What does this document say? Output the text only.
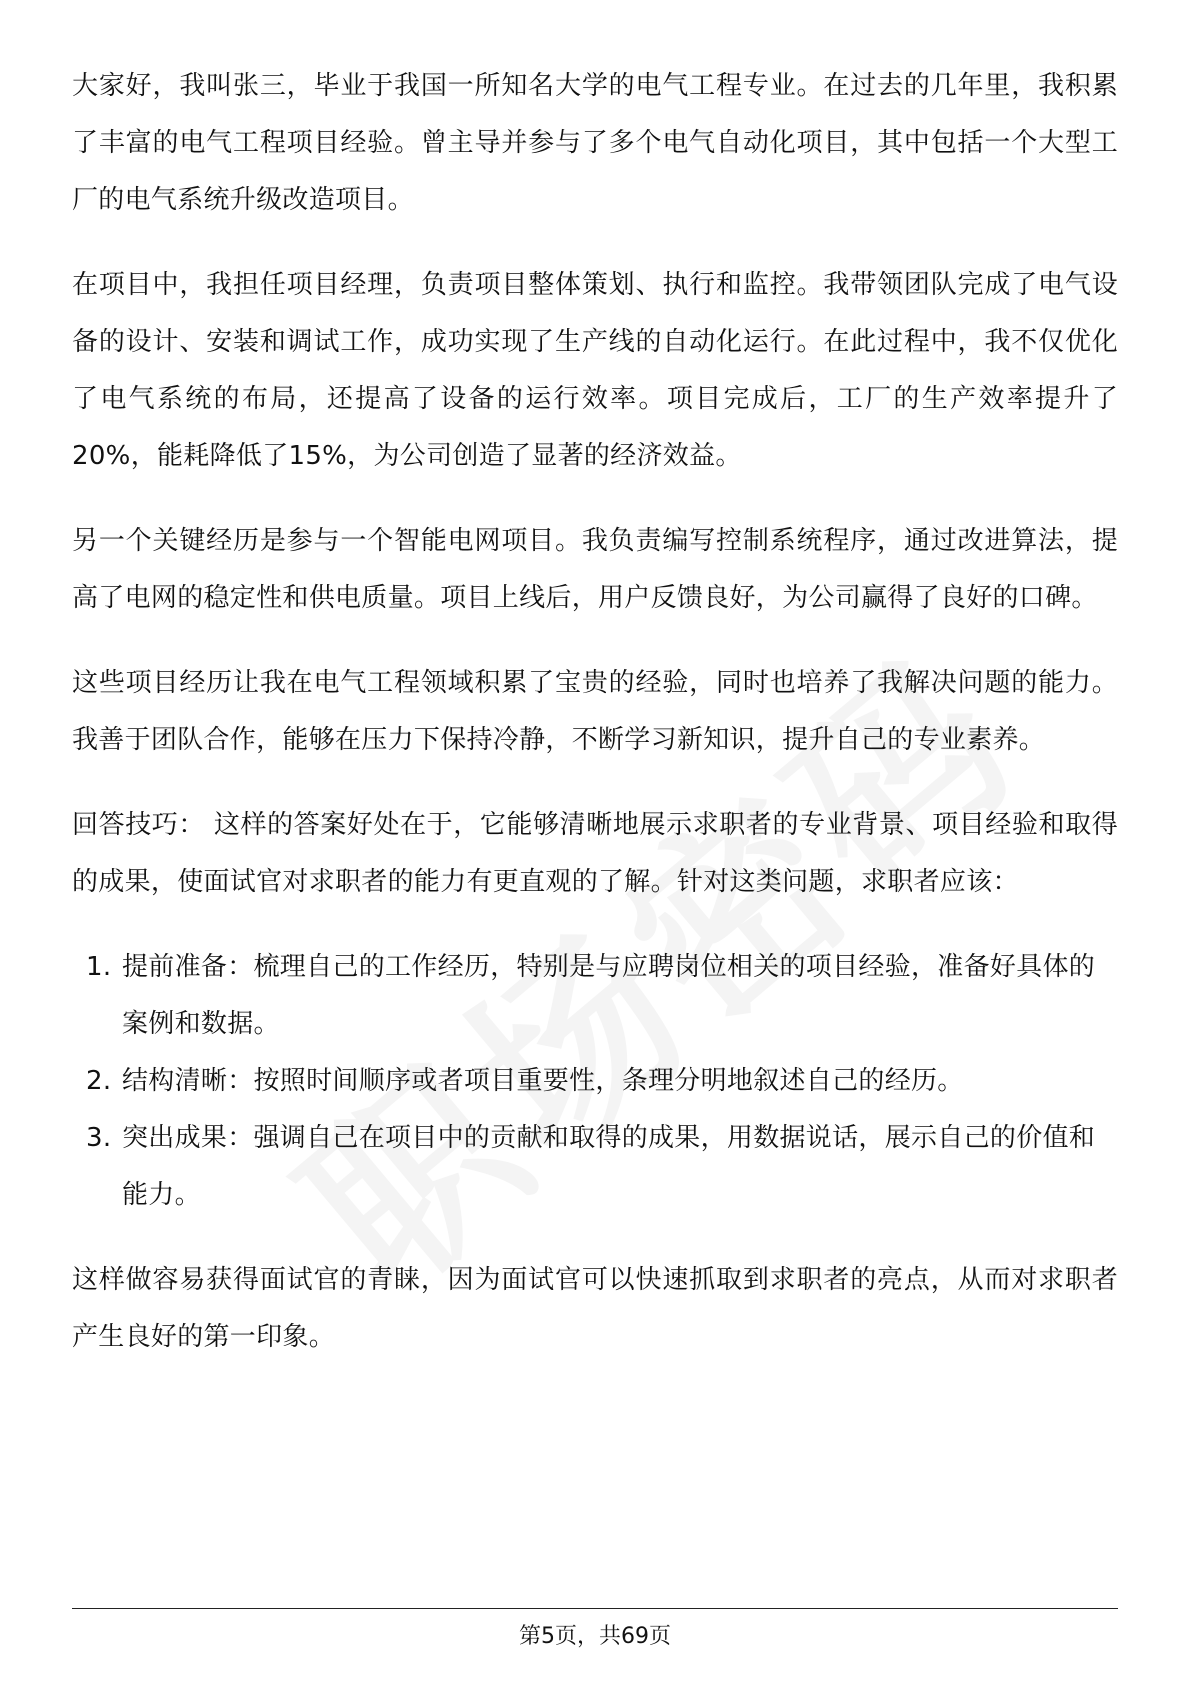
大家好，我叫张三，毕业于我国一所知名大学的电气工程专业。在过去的几年里，我积累了丰富的电气工程项目经验。曾主导并参与了多个电气自动化项目，其中包括一个大型工厂的电气系统升级改造项目。

在项目中，我担任项目经理，负责项目整体策划、执行和监控。我带领团队完成了电气设备的设计、安装和调试工作，成功实现了生产线的自动化运行。在此过程中，我不仅优化了电气系统的布局，还提高了设备的运行效率。项目完成后，工厂的生产效率提升了20%，能耗降低了15%，为公司创造了显著的经济效益。

另一个关键经历是参与一个智能电网项目。我负责编写控制系统程序，通过改进算法，提高了电网的稳定性和供电质量。项目上线后，用户反馈良好，为公司赢得了良好的口碑。

这些项目经历让我在电气工程领域积累了宝贵的经验，同时也培养了我解决问题的能力。我善于团队合作，能够在压力下保持冷静，不断学习新知识，提升自己的专业素养。

回答技巧： 这样的答案好处在于，它能够清晰地展示求职者的专业背景、项目经验和取得的成果，使面试官对求职者的能力有更直观的了解。针对这类问题，求职者应该：

1. 提前准备：梳理自己的工作经历，特别是与应聘岗位相关的项目经验，准备好具体的案例和数据。
2. 结构清晰：按照时间顺序或者项目重要性，条理分明地叙述自己的经历。
3. 突出成果：强调自己在项目中的贡献和取得的成果，用数据说话，展示自己的价值和能力。

这样做容易获得面试官的青睐，因为面试官可以快速抓取到求职者的亮点，从而对求职者产生良好的第一印象。

第5页，共69页
